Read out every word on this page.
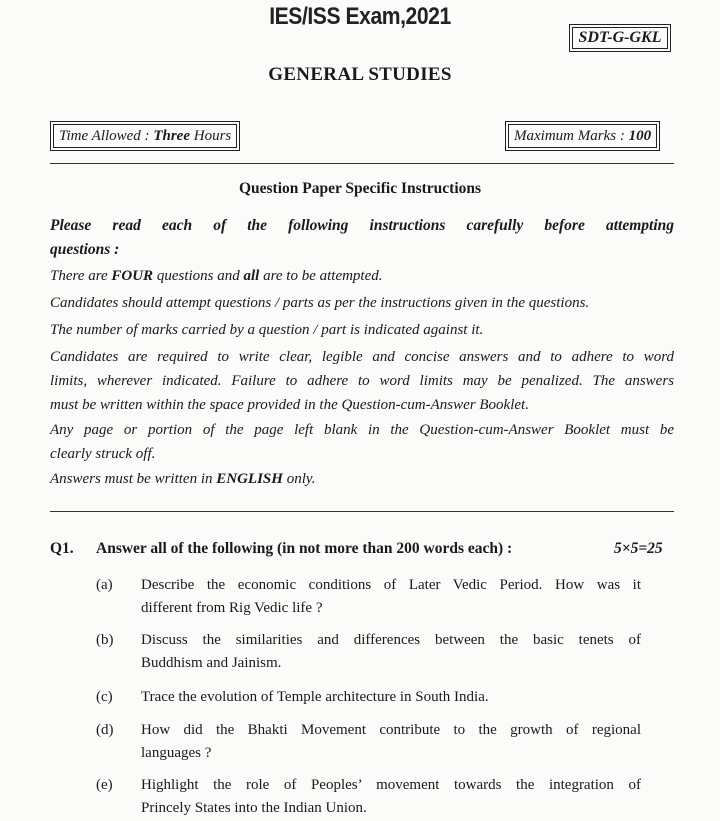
IES/ISS Exam,2021
SDT-G-GKL
GENERAL STUDIES
Time Allowed : Three Hours	Maximum Marks : 100
Question Paper Specific Instructions
Please read each of the following instructions carefully before attempting
questions :
There are FOUR questions and all are to be attempted.
Candidates should attempt questions / parts as per the instructions given in the questions.
The number of marks carried by a question / part is indicated against it.
Candidates are required to write clear, legible and concise answers and to adhere to word
limits, wherever indicated. Failure to adhere to word limits may be penalized. The answers
must be written within the space provided in the Question-cum-Answer Booklet.
Any page or portion of the page left blank in the Question-cum-Answer Booklet must be
clearly struck off.
Answers must be written in ENGLISH only.
Q1. Answer all of the following (in not more than 200 words each) :	5×5=25
(a) Describe the economic conditions of Later Vedic Period. How was it
different from Rig Vedic life ?
(b) Discuss the similarities and differences between the basic tenets of
Buddhism and Jainism.
(c) Trace the evolution of Temple architecture in South India.
(d) How did the Bhakti Movement contribute to the growth of regional
languages ?
(e) Highlight the role of Peoples’ movement towards the integration of
Princely States into the Indian Union.
